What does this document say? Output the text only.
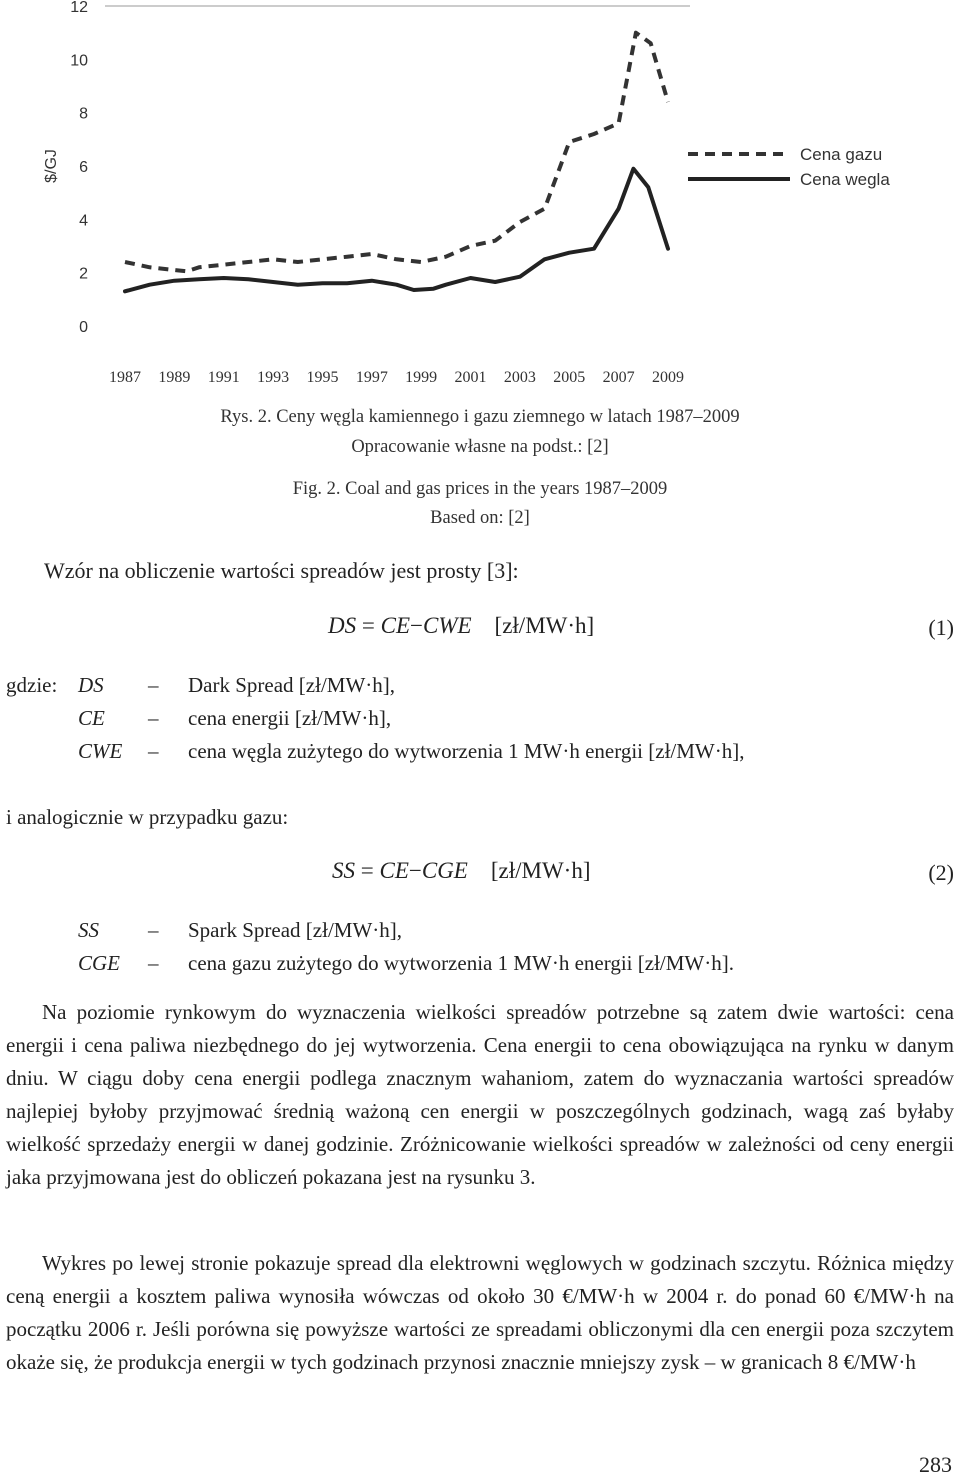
0
2
4
6
8
10
12
1987 1989 1991 1993 1995 1997 1999 2001 2003 2005 2007 2009
$/GJ	Cena gazu
Cena wegla
Rys. 2. Ceny węgla kamiennego i gazu ziemnego w latach 1987–2009
Opracowanie własne na podst.: [2]
Fig. 2. Coal and gas prices in the years 1987–2009
Based on: [2]
Wzór na obliczenie wartości spreadów jest prosty [3]:
DS = CE−CWE [zł/MW·h]	(1)
gdzie: DS – Dark Spread [zł/MW·h],
CE – cena energii [zł/MW·h],
CWE – cena węgla zużytego do wytworzenia 1 MW·h energii [zł/MW·h],
i analogicznie w przypadku gazu:
SS = CE−CGE [zł/MW·h]	(2)
SS – Spark Spread [zł/MW·h],
CGE – cena gazu zużytego do wytworzenia 1 MW·h energii [zł/MW·h].

Na poziomie rynkowym do wyznaczenia wielkości spreadów potrzebne są zatem dwie wartości: cena energii i cena paliwa niezbędnego do jej wytworzenia. Cena energii to cena obowiązująca na rynku w danym dniu. W ciągu doby cena energii podlega znacznym wahaniom, zatem do wyznaczania wartości spreadów najlepiej byłoby przyjmować średnią ważoną cen energii w poszczególnych godzinach, wagą zaś byłaby wielkość sprzedaży energii w danej godzinie. Zróżnicowanie wielkości spreadów w zależności od ceny energii jaka przyjmowana jest do obliczeń pokazana jest na rysunku 3.

Wykres po lewej stronie pokazuje spread dla elektrowni węglowych w godzinach szczytu. Różnica między ceną energii a kosztem paliwa wynosiła wówczas od około 30 €/MW·h w 2004 r. do ponad 60 €/MW·h na początku 2006 r. Jeśli porówna się powyższe wartości ze spreadami obliczonymi dla cen energii poza szczytem okaże się, że produkcja energii w tych godzinach przynosi znacznie mniejszy zysk – w granicach 8 €/MW·h

283
